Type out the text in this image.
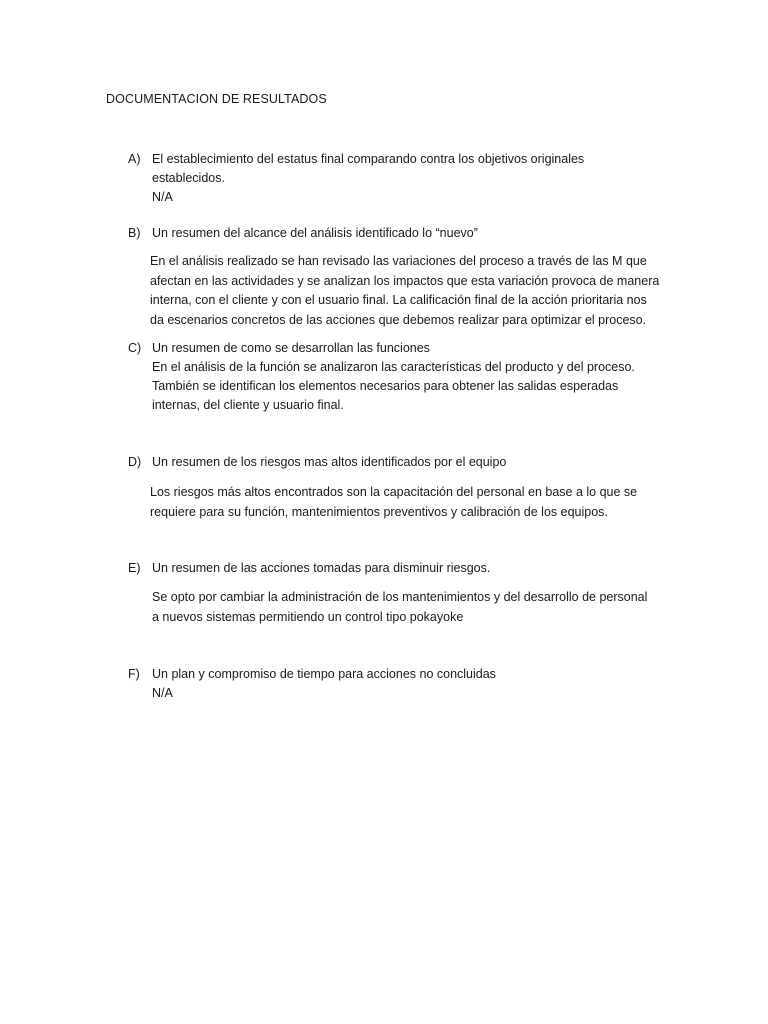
DOCUMENTACION DE RESULTADOS
A) El establecimiento del estatus final comparando contra los objetivos originales
establecidos.
N/A
B) Un resumen del alcance del análisis identificado lo “nuevo”
En el análisis realizado se han revisado las variaciones del proceso a través de las M que
afectan en las actividades y se analizan los impactos que esta variación provoca de manera
interna, con el cliente y con el usuario final. La calificación final de la acción prioritaria nos
da escenarios concretos de las acciones que debemos realizar para optimizar el proceso.
C) Un resumen de como se desarrollan las funciones
En el análisis de la función se analizaron las características del producto y del proceso.
También se identifican los elementos necesarios para obtener las salidas esperadas
internas, del cliente y usuario final.
D) Un resumen de los riesgos mas altos identificados por el equipo
Los riesgos más altos encontrados son la capacitación del personal en base a lo que se
requiere para su función, mantenimientos preventivos y calibración de los equipos.
E) Un resumen de las acciones tomadas para disminuir riesgos.
Se opto por cambiar la administración de los mantenimientos y del desarrollo de personal
a nuevos sistemas permitiendo un control tipo pokayoke
F) Un plan y compromiso de tiempo para acciones no concluidas
N/A
